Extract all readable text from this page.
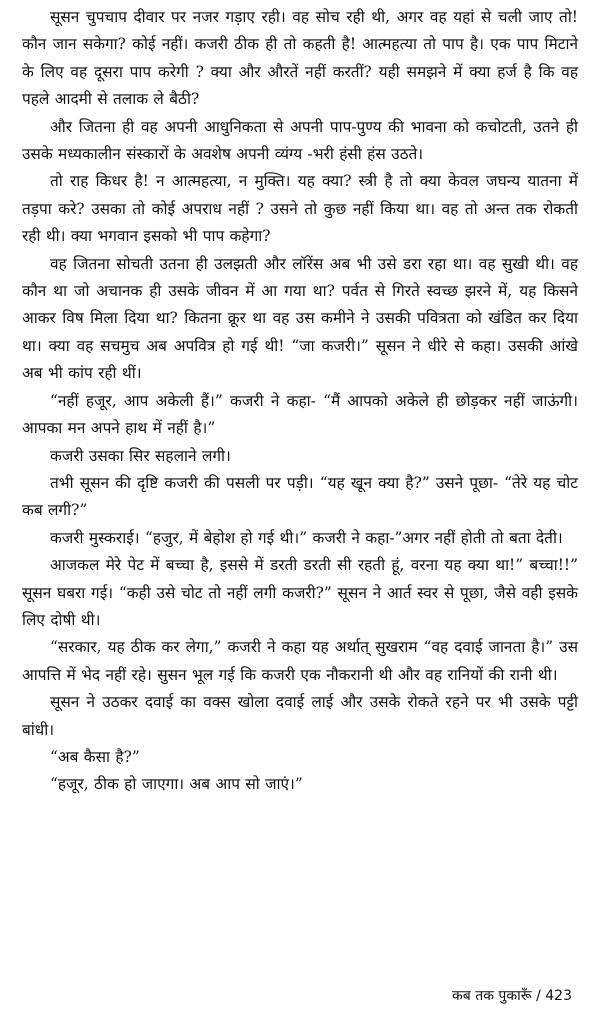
सूसन चुपचाप दीवार पर नजर गड़ाए रही। वह सोच रही थी, अगर वह यहां से चली जाए तो! कौन जान सकेगा? कोई नहीं। कजरी ठीक ही तो कहती है! आत्महत्या तो पाप है। एक पाप मिटाने के लिए वह दूसरा पाप करेगी ? क्या और औरतें नहीं करतीं? यही समझने में क्या हर्ज है कि वह पहले आदमी से तलाक ले बैठी?

और जितना ही वह अपनी आधुनिकता से अपनी पाप-पुण्य की भावना को कचोटती, उतने ही उसके मध्यकालीन संस्कारों के अवशेष अपनी व्यंग्य -भरी हंसी हंस उठते।

तो राह किधर है! न आत्महत्या, न मुक्ति। यह क्या? स्त्री है तो क्या केवल जघन्य यातना में तड़पा करे? उसका तो कोई अपराध नहीं ? उसने तो कुछ नहीं किया था। वह तो अन्त तक रोकती रही थी। क्या भगवान इसको भी पाप कहेगा?

वह जितना सोचती उतना ही उलझती और लॉरेंस अब भी उसे डरा रहा था। वह सुखी थी। वह कौन था जो अचानक ही उसके जीवन में आ गया था? पर्वत से गिरते स्वच्छ झरने में, यह किसने आकर विष मिला दिया था? कितना क्रूर था वह उस कमीने ने उसकी पवित्रता को खंडित कर दिया था। क्या वह सचमुच अब अपवित्र हो गई थी! “जा कजरी।” सूसन ने धीरे से कहा। उसकी आंखे अब भी कांप रही थीं।

“नहीं हजूर, आप अकेली हैं।” कजरी ने कहा- “मैं आपको अकेले ही छोड़कर नहीं जाऊंगी। आपका मन अपने हाथ में नहीं है।”

कजरी उसका सिर सहलाने लगी।

तभी सूसन की दृष्टि कजरी की पसली पर पड़ी। “यह खून क्या है?” उसने पूछा- “तेरे यह चोट कब लगी?”

कजरी मुस्कराई। “हजुर, में बेहोश हो गई थी।” कजरी ने कहा-”अगर नहीं होती तो बता देती।

आजकल मेरे पेट में बच्चा है, इससे में डरती डरती सी रहती हूं, वरना यह क्या था!” बच्चा!!” सूसन घबरा गई। “कही उसे चोट तो नहीं लगी कजरी?” सूसन ने आर्त स्वर से पूछा, जैसे वही इसके लिए दोषी थी।

“सरकार, यह ठीक कर लेगा,” कजरी ने कहा यह अर्थात् सुखराम “वह दवाई जानता है।” उस आपत्ति में भेद नहीं रहे। सुसन भूल गई कि कजरी एक नौकरानी थी और वह रानियों की रानी थी।

सूसन ने उठकर दवाई का वक्स खोला दवाई लाई और उसके रोकते रहने पर भी उसके पट्टी बांधी।

“अब कैसा है?”

“हजूर, ठीक हो जाएगा। अब आप सो जाएं।”

कब तक पुकारूँ / 423
